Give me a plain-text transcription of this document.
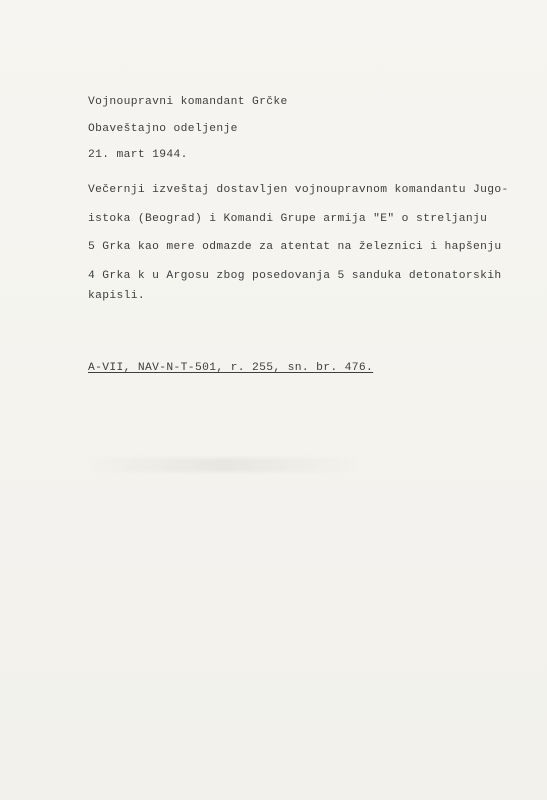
Vojnoupravni komandant Grčke
Obaveštajno odeljenje
21. mart 1944.
Večernji izveštaj dostavljen vojnoupravnom komandantu Jugo-
istoka (Beograd) i Komandi Grupe armija "E" o streljanju
5 Grka kao mere odmazde za atentat na železnici i hapšenju
4 Grka k u Argosu zbog posedovanja 5 sanduka detonatorskih
kapisli.
A-VII, NAV-N-T-501, r. 255, sn. br. 476.
